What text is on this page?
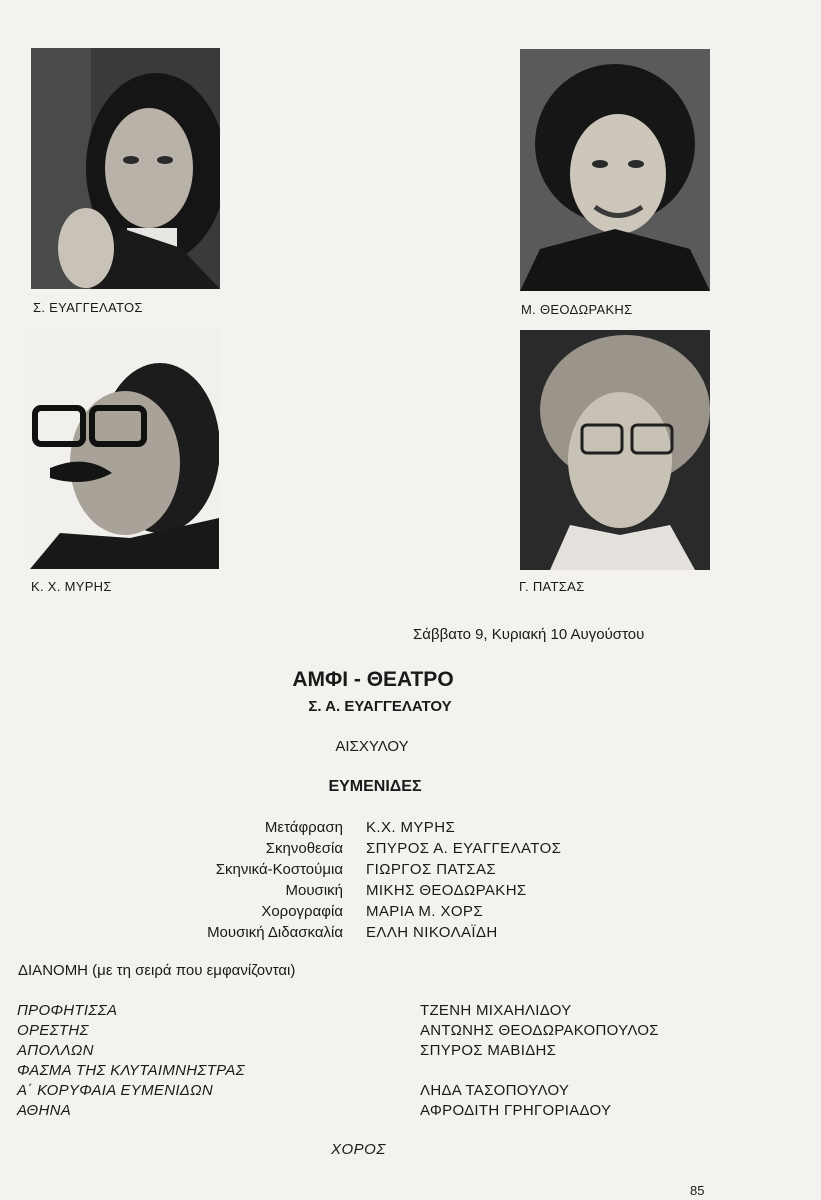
Σ. ΕΥΑΓΓΕΛΑΤΟΣ	Μ. ΘΕΟΔΩΡΑΚΗΣ
Κ. Χ. ΜΥΡΗΣ	Γ. ΠΑΤΣΑΣ
Σάββατο 9, Κυριακή 10 Αυγούστου
ΑΜΦΙ - ΘΕΑΤΡΟ
Σ. Α. ΕΥΑΓΓΕΛΑΤΟΥ
ΑΙΣΧΥΛΟΥ
ΕΥΜΕΝΙΔΕΣ
Μετάφραση Κ.Χ. ΜΥΡΗΣ
Σκηνοθεσία ΣΠΥΡΟΣ Α. ΕΥΑΓΓΕΛΑΤΟΣ
Σκηνικά-Κοστούμια ΓΙΩΡΓΟΣ ΠΑΤΣΑΣ
Μουσική ΜΙΚΗΣ ΘΕΟΔΩΡΑΚΗΣ
Χορογραφία ΜΑΡΙΑ Μ. ΧΟΡΣ
Μουσική Διδασκαλία ΕΛΛΗ ΝΙΚΟΛΑΪΔΗ
ΔΙΑΝΟΜΗ (με τη σειρά που εμφανίζονται)
ΠΡΟΦΗΤΙΣΣΑ	ΤΖΕΝΗ ΜΙΧΑΗΛΙΔΟΥ
ΟΡΕΣΤΗΣ	ΑΝΤΩΝΗΣ ΘΕΟΔΩΡΑΚΟΠΟΥΛΟΣ
ΑΠΟΛΛΩΝ	ΣΠΥΡΟΣ ΜΑΒΙΔΗΣ
ΦΑΣΜΑ ΤΗΣ ΚΛΥΤΑΙΜΝΗΣΤΡΑΣ
Α΄ ΚΟΡΥΦΑΙΑ ΕΥΜΕΝΙΔΩΝ	ΛΗΔΑ ΤΑΣΟΠΟΥΛΟΥ
ΑΘΗΝΑ	ΑΦΡΟΔΙΤΗ ΓΡΗΓΟΡΙΑΔΟΥ
ΧΟΡΟΣ
85
